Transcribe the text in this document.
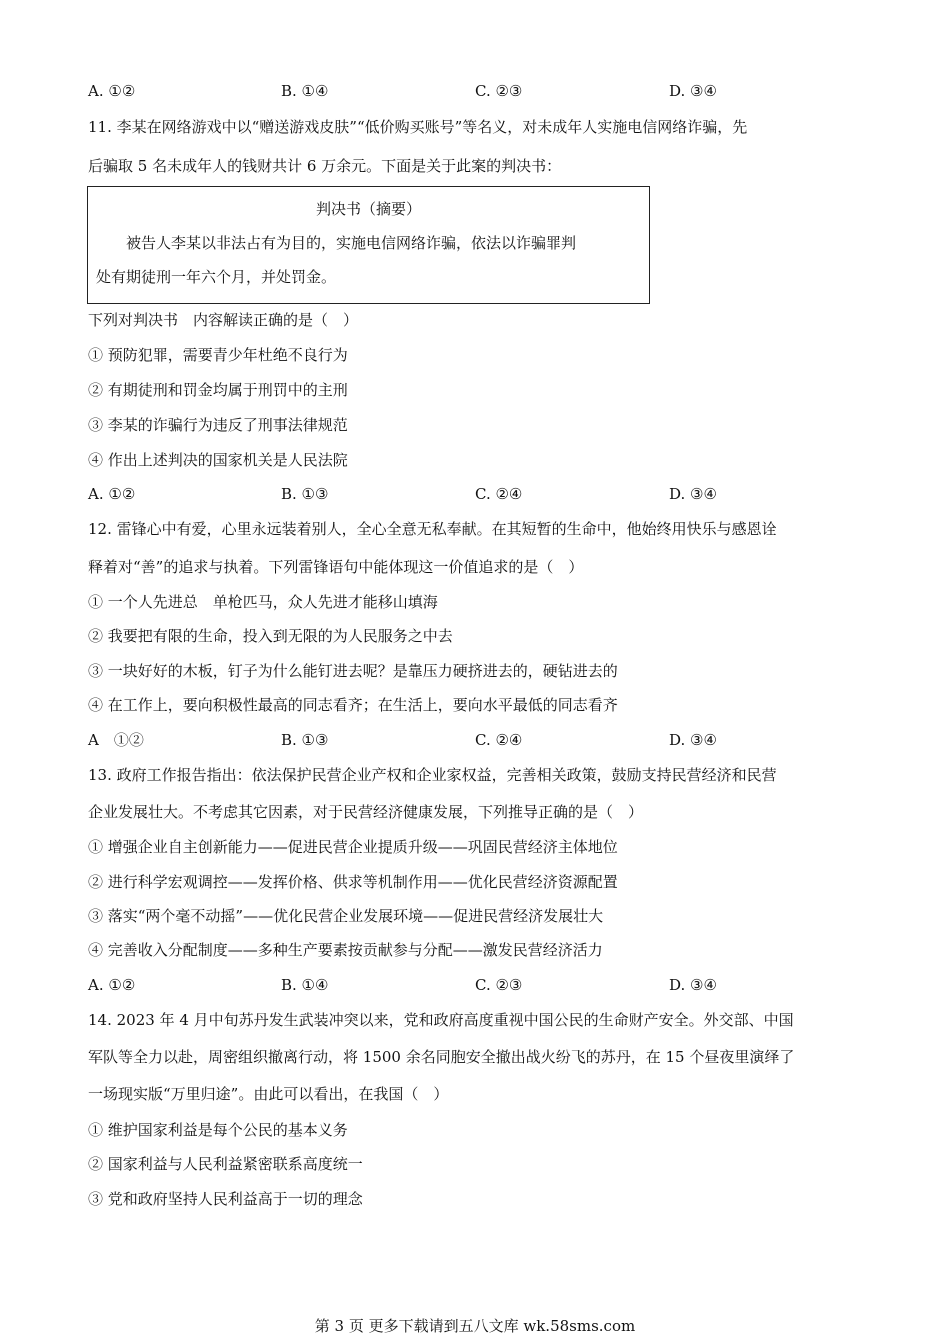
A. ①②	B. ①④	C. ②③	D. ③④
11. 李某在网络游戏中以“赠送游戏皮肤”“低价购买账号”等名义，对未成年人实施电信网络诈骗，先
后骗取 5 名未成年人的钱财共计 6 万余元。下面是关于此案的判决书：
判决书（摘要）
　　被告人李某以非法占有为目的，实施电信网络诈骗，依法以诈骗罪判
处有期徒刑一年六个月，并处罚金。
下列对判决书　内容解读正确的是（　）
① 预防犯罪，需要青少年杜绝不良行为
② 有期徒刑和罚金均属于刑罚中的主刑
③ 李某的诈骗行为违反了刑事法律规范
④ 作出上述判决的国家机关是人民法院
A. ①②	B. ①③	C. ②④	D. ③④
12. 雷锋心中有爱，心里永远装着别人，全心全意无私奉献。在其短暂的生命中，他始终用快乐与感恩诠
释着对“善”的追求与执着。下列雷锋语句中能体现这一价值追求的是（　）
① 一个人先进总　单枪匹马，众人先进才能移山填海
② 我要把有限的生命，投入到无限的为人民服务之中去
③ 一块好好的木板，钉子为什么能钉进去呢？是靠压力硬挤进去的，硬钻进去的
④ 在工作上，要向积极性最高的同志看齐；在生活上，要向水平最低的同志看齐
A　①②	B. ①③	C. ②④	D. ③④
13. 政府工作报告指出：依法保护民营企业产权和企业家权益，完善相关政策，鼓励支持民营经济和民营
企业发展壮大。不考虑其它因素，对于民营经济健康发展，下列推导正确的是（　）
① 增强企业自主创新能力——促进民营企业提质升级——巩固民营经济主体地位
② 进行科学宏观调控——发挥价格、供求等机制作用——优化民营经济资源配置
③ 落实“两个毫不动摇”——优化民营企业发展环境——促进民营经济发展壮大
④ 完善收入分配制度——多种生产要素按贡献参与分配——激发民营经济活力
A. ①②	B. ①④	C. ②③	D. ③④
14. 2023 年 4 月中旬苏丹发生武装冲突以来，党和政府高度重视中国公民的生命财产安全。外交部、中国
军队等全力以赴，周密组织撤离行动，将 1500 余名同胞安全撤出战火纷飞的苏丹，在 15 个昼夜里演绎了
一场现实版“万里归途”。由此可以看出，在我国（　）
① 维护国家利益是每个公民的基本义务
② 国家利益与人民利益紧密联系高度统一
③ 党和政府坚持人民利益高于一切的理念
第 3 页 更多下载请到五八文库 wk.58sms.com
